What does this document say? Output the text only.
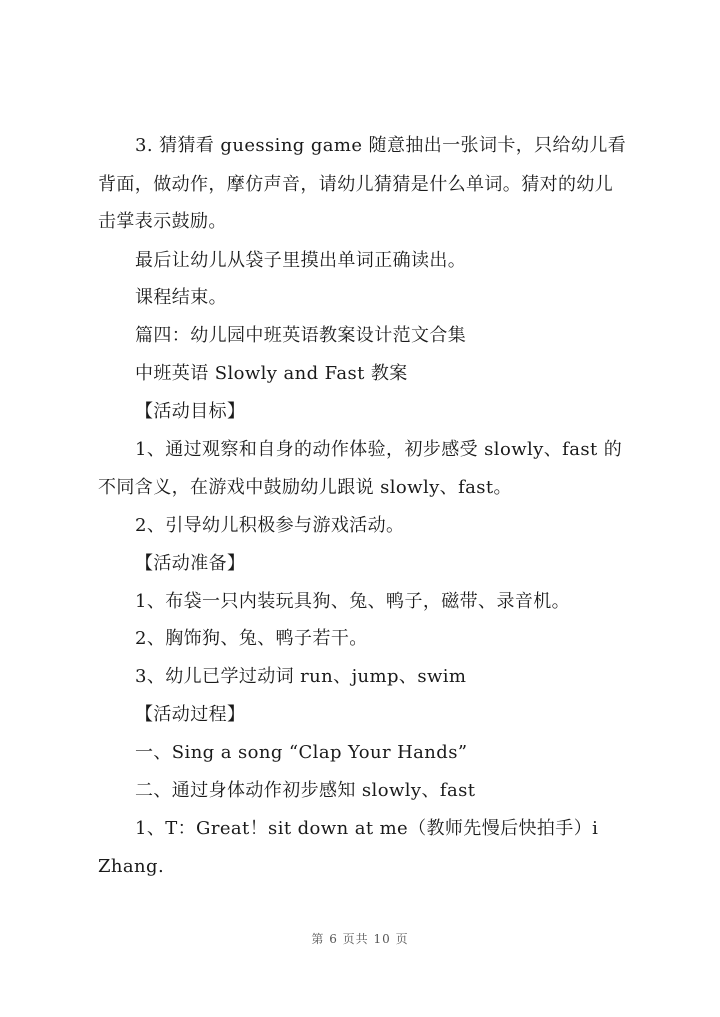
3. 猜猜看 guessing game 随意抽出一张词卡，只给幼儿看
背面，做动作，摩仿声音，请幼儿猜猜是什么单词。猜对的幼儿
击掌表示鼓励。
最后让幼儿从袋子里摸出单词正确读出。
课程结束。
篇四：幼儿园中班英语教案设计范文合集
中班英语 Slowly and Fast 教案
【活动目标】
1、通过观察和自身的动作体验，初步感受 slowly、fast 的
不同含义，在游戏中鼓励幼儿跟说 slowly、fast。
2、引导幼儿积极参与游戏活动。
【活动准备】
1、布袋一只内装玩具狗、兔、鸭子，磁带、录音机。
2、胸饰狗、兔、鸭子若干。
3、幼儿已学过动词 run、jump、swim
【活动过程】
一、Sing a song “Clap Your Hands”
二、通过身体动作初步感知 slowly、fast
1、T：Great！sit down at me（教师先慢后快拍手）i
Zhang.
第 6 页共 10 页
